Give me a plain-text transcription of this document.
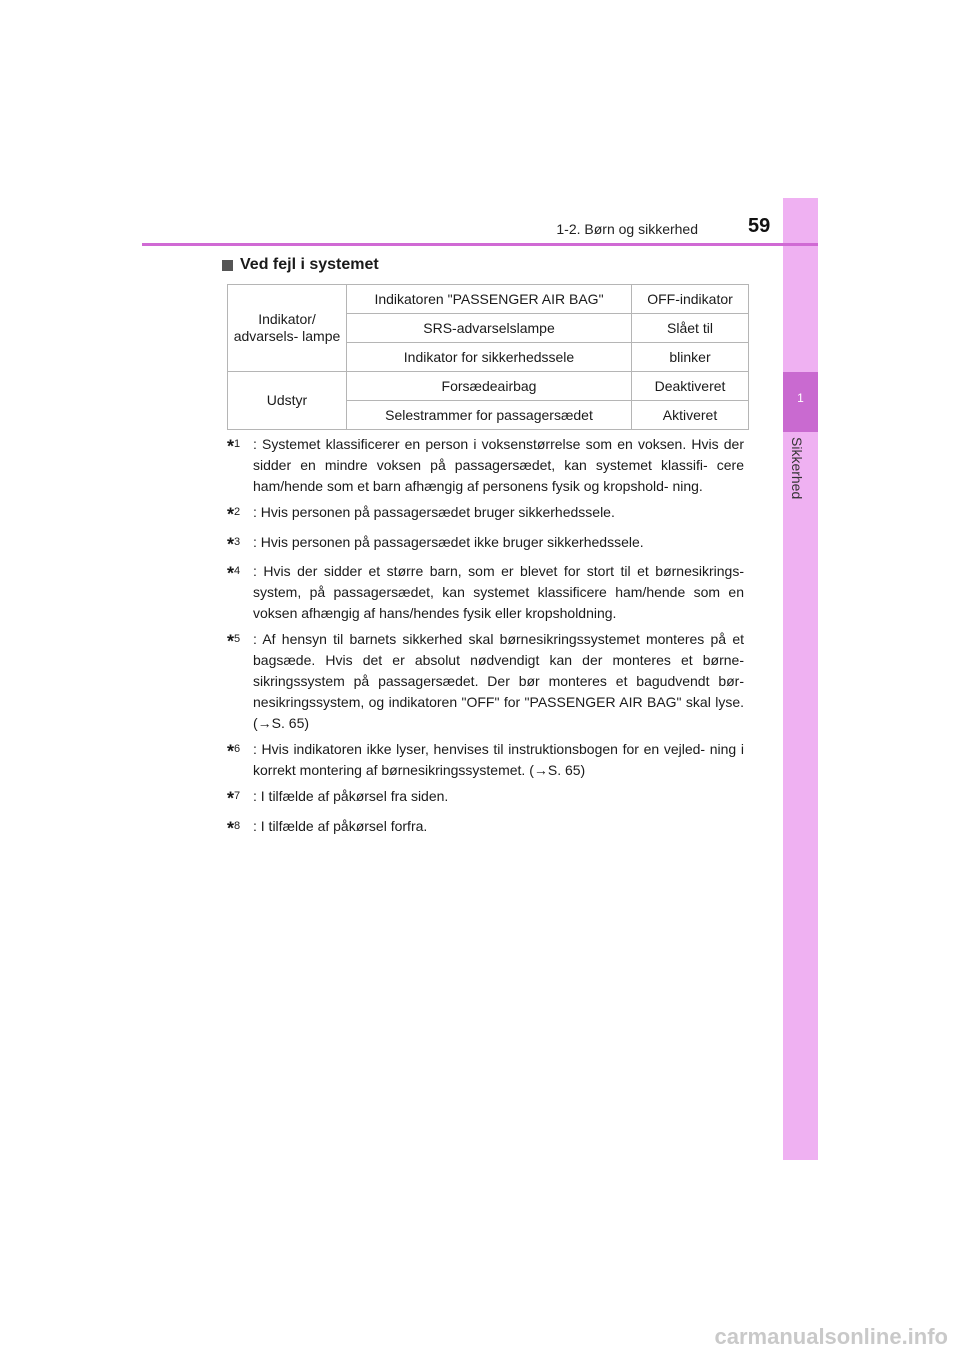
1
Sikkerhed
1-2. Børn og sikkerhed	59
Ved fejl i systemet
Indikator/ advarsels- lampe	Indikatoren "PASSENGER AIR BAG"	OFF-indikator
	SRS-advarselslampe	Slået til
	Indikator for sikkerhedssele	blinker
Udstyr	Forsædeairbag	Deaktiveret
	Selestrammer for passagersædet	Aktiveret
*$^1$ : Systemet klassificerer en person i voksenstørrelse som en voksen. Hvis der sidder en mindre voksen på passagersædet, kan systemet klassifi- cere ham/hende som et barn afhængig af personens fysik og kropshold- ning.
*$^2$ : Hvis personen på passagersædet bruger sikkerhedssele.
*$^3$ : Hvis personen på passagersædet ikke bruger sikkerhedssele.
*$^4$ : Hvis der sidder et større barn, som er blevet for stort til et børnesikrings- system, på passagersædet, kan systemet klassificere ham/hende som en voksen afhængig af hans/hendes fysik eller kropsholdning.
*$^5$ : Af hensyn til barnets sikkerhed skal børnesikringssystemet monteres på et bagsæde. Hvis det er absolut nødvendigt kan der monteres et børne- sikringssystem på passagersædet. Der bør monteres et bagudvendt bør- nesikringssystem, og indikatoren "OFF" for "PASSENGER AIR BAG" skal lyse. (→S. 65)
*$^6$ : Hvis indikatoren ikke lyser, henvises til instruktionsbogen for en vejled- ning i korrekt montering af børnesikringssystemet. (→S. 65)
*$^7$ : I tilfælde af påkørsel fra siden.
*$^8$ : I tilfælde af påkørsel forfra.
carmanualsonline.info
